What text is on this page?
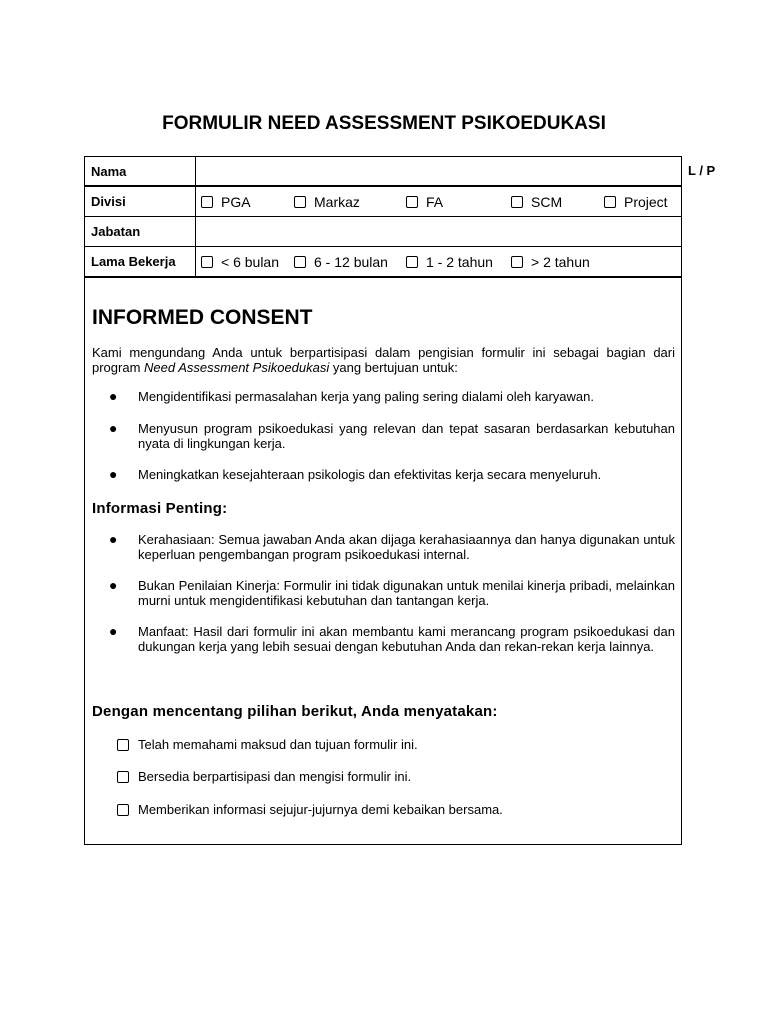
FORMULIR NEED ASSESSMENT PSIKOEDUKASI
L / P
Nama
Divisi	PGA	Markaz	FA	SCM	Project
Jabatan
Lama Bekerja	< 6 bulan	6 - 12 bulan	1 - 2 tahun	> 2 tahun
INFORMED CONSENT
Kami mengundang Anda untuk berpartisipasi dalam pengisian formulir ini sebagai bagian dari program Need Assessment Psikoedukasi yang bertujuan untuk:
● Mengidentifikasi permasalahan kerja yang paling sering dialami oleh karyawan.
● Menyusun program psikoedukasi yang relevan dan tepat sasaran berdasarkan kebutuhan nyata di lingkungan kerja.
● Meningkatkan kesejahteraan psikologis dan efektivitas kerja secara menyeluruh.
Informasi Penting:
● Kerahasiaan: Semua jawaban Anda akan dijaga kerahasiaannya dan hanya digunakan untuk keperluan pengembangan program psikoedukasi internal.
● Bukan Penilaian Kinerja: Formulir ini tidak digunakan untuk menilai kinerja pribadi, melainkan murni untuk mengidentifikasi kebutuhan dan tantangan kerja.
● Manfaat: Hasil dari formulir ini akan membantu kami merancang program psikoedukasi dan dukungan kerja yang lebih sesuai dengan kebutuhan Anda dan rekan-rekan kerja lainnya.
Dengan mencentang pilihan berikut, Anda menyatakan:
Telah memahami maksud dan tujuan formulir ini.
Bersedia berpartisipasi dan mengisi formulir ini.
Memberikan informasi sejujur-jujurnya demi kebaikan bersama.
